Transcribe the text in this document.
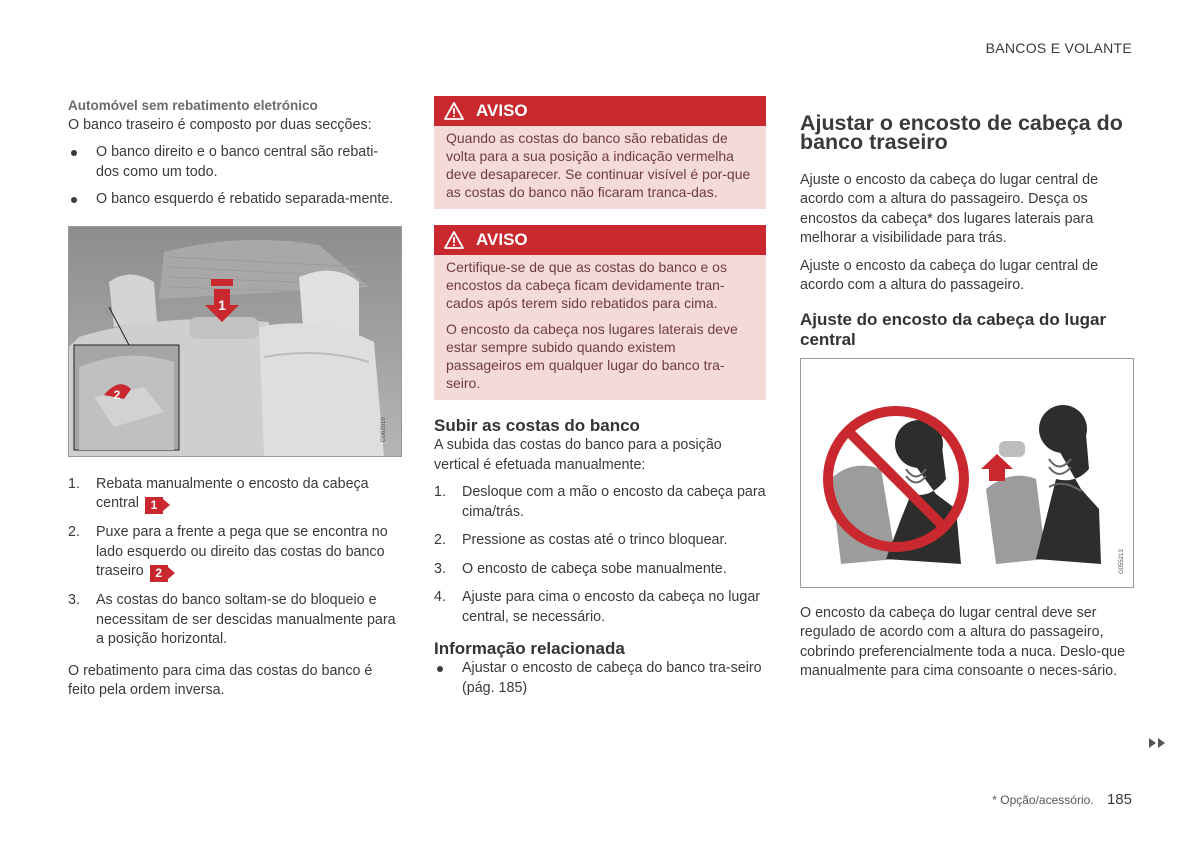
BANCOS E VOLANTE

Automóvel sem rebatimento eletrónico

O banco traseiro é composto por duas secções:

O banco direito e o banco central são rebati-dos como um todo.
O banco esquerdo é rebatido separada-mente.
1
2
G062010
1. Rebata manualmente o encosto da cabeça central 1
2. Puxe para a frente a pega que se encontra no lado esquerdo ou direito das costas do banco traseiro 2
3. As costas do banco soltam-se do bloqueio e necessitam de ser descidas manualmente para a posição horizontal.

O rebatimento para cima das costas do banco é feito pela ordem inversa.

AVISO

Quando as costas do banco são rebatidas de volta para a sua posição a indicação vermelha deve desaparecer. Se continuar visível é por-que as costas do banco não ficaram tranca-das.

AVISO

Certifique-se de que as costas do banco e os encostos da cabeça ficam devidamente tran-cados após terem sido rebatidos para cima.

O encosto da cabeça nos lugares laterais deve estar sempre subido quando existem passageiros em qualquer lugar do banco tra-seiro.

Subir as costas do banco

A subida das costas do banco para a posição vertical é efetuada manualmente:

1. Desloque com a mão o encosto da cabeça para cima/trás.
2. Pressione as costas até o trinco bloquear.
3. O encosto de cabeça sobe manualmente.
4. Ajuste para cima o encosto da cabeça no lugar central, se necessário.
Informação relacionada
Ajustar o encosto de cabeça do banco tra-seiro (pág. 185)
Ajustar o encosto de cabeça do banco traseiro

Ajuste o encosto da cabeça do lugar central de acordo com a altura do passageiro. Desça os encostos da cabeça* dos lugares laterais para melhorar a visibilidade para trás.

Ajuste o encosto da cabeça do lugar central de acordo com a altura do passageiro.

Ajuste do encosto da cabeça do lugar central
G055213

O encosto da cabeça do lugar central deve ser regulado de acordo com a altura do passageiro, cobrindo preferencialmente toda a nuca. Deslo-que manualmente para cima consoante o neces-sário.

* Opção/acessório. 185
